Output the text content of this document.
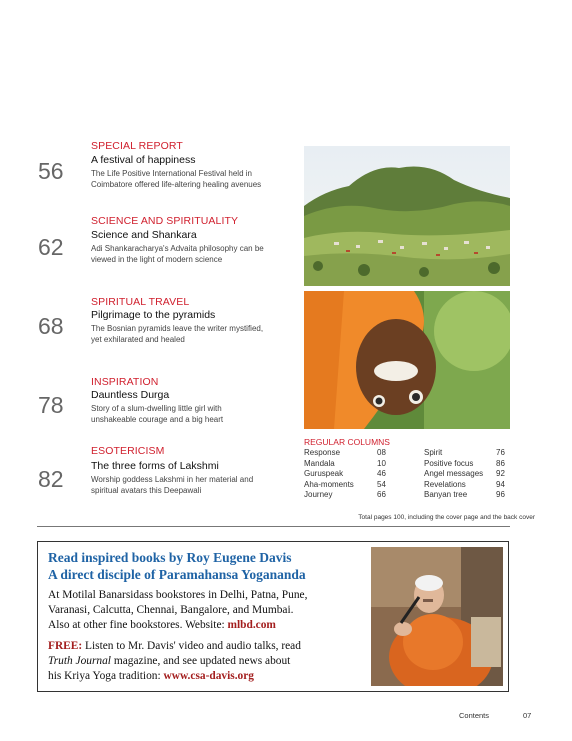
56
SPECIAL REPORT
A festival of happiness
The Life Positive International Festival held in
Coimbatore offered life-altering healing avenues
62
SCIENCE AND SPIRITUALITY
Science and Shankara
Adi Shankaracharya's Advaita philosophy can be
viewed in the light of modern science
68
SPIRITUAL TRAVEL
Pilgrimage to the pyramids
The Bosnian pyramids leave the writer mystified,
yet exhilarated and healed
78
INSPIRATION
Dauntless Durga
Story of a slum-dwelling little girl with
unshakeable courage and a big heart
82
ESOTERICISM
The three forms of Lakshmi
Worship goddess Lakshmi in her material and
spiritual avatars this Deepawali
REGULAR COLUMNS
Response	08
Mandala	10
Guruspeak	46
Aha-moments	54
Journey	66
Spirit	76
Positive focus	86
Angel messages 92
Revelations	94
Banyan tree	96
Total pages 100, including the cover page and the back cover
Read inspired books by Roy Eugene Davis
A direct disciple of Paramahansa Yogananda
At Motilal Banarsidass bookstores in Delhi, Patna, Pune,
Varanasi, Calcutta, Chennai, Bangalore, and Mumbai.
Also at other fine bookstores. Website: mlbd.com
FREE: Listen to Mr. Davis' video and audio talks, read
Truth Journal magazine, and see updated news about
his Kriya Yoga tradition: www.csa-davis.org
Contents	07
